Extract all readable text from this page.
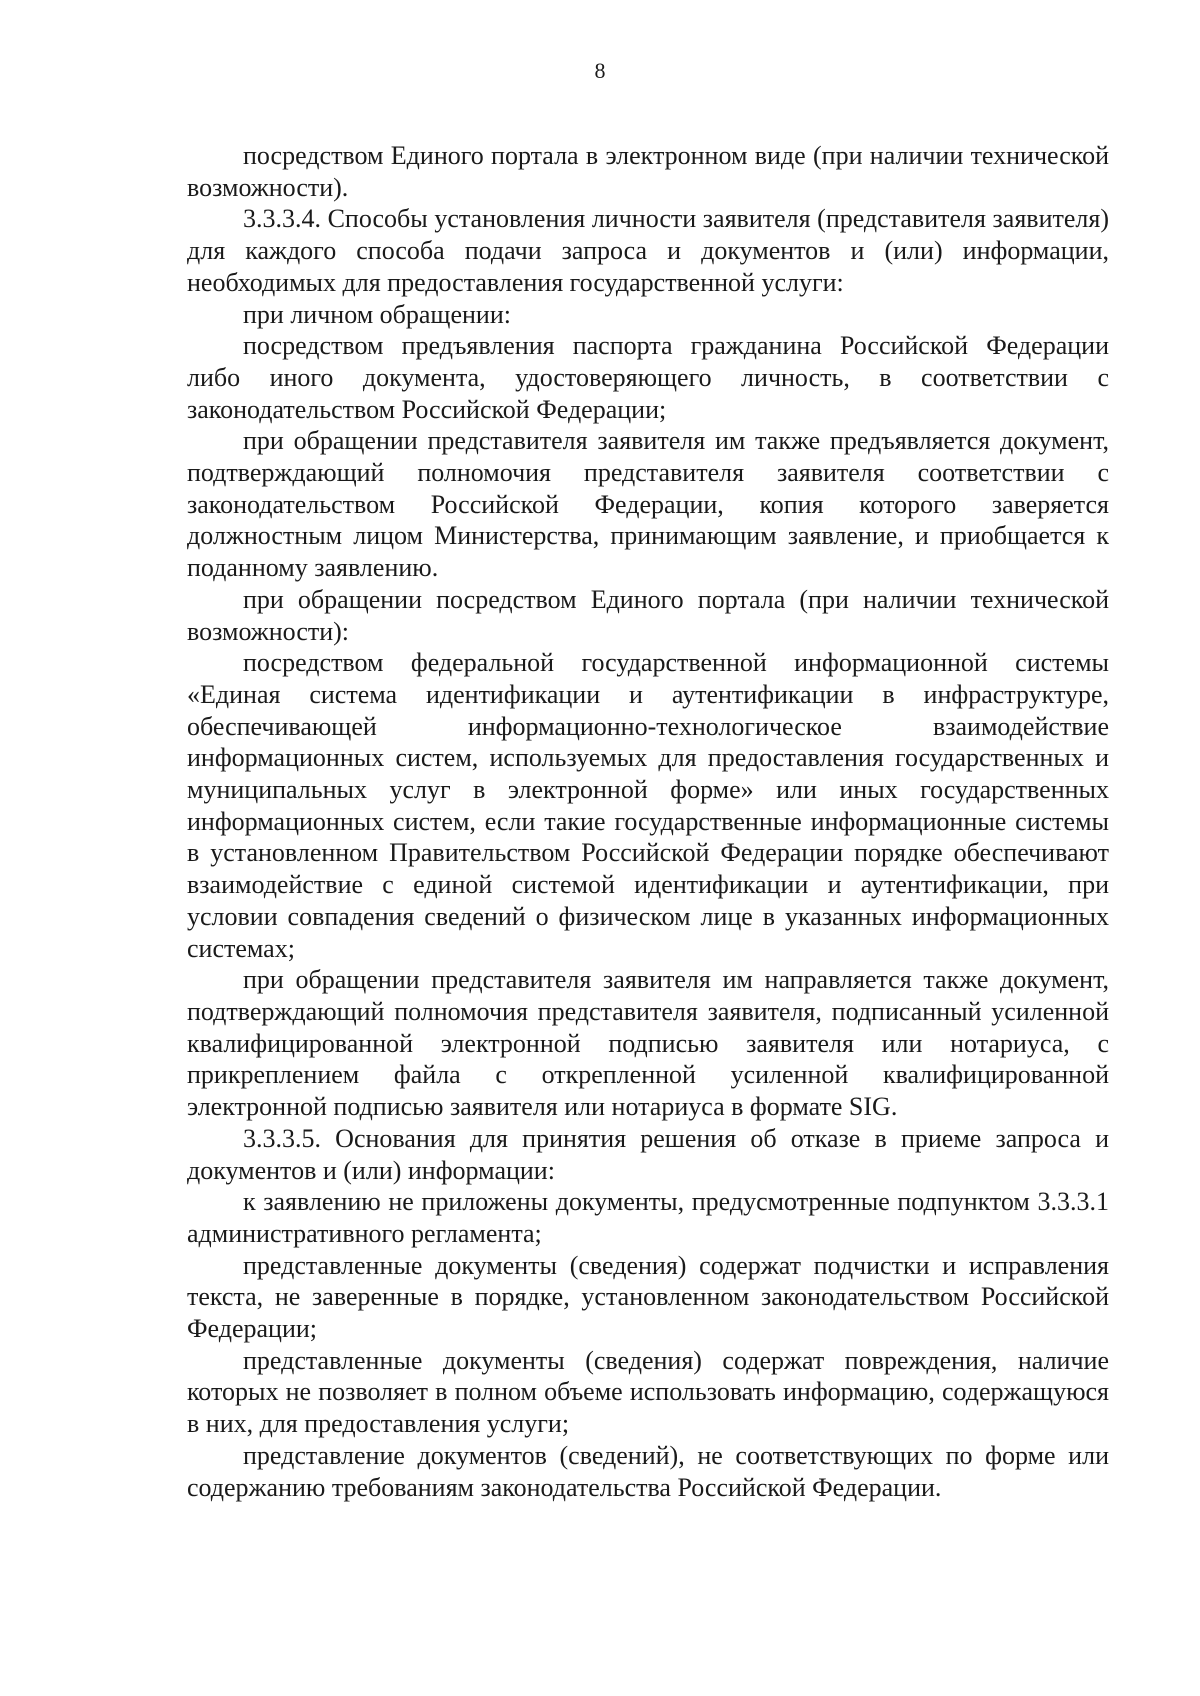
8

посредством Единого портала в электронном виде (при наличии технической возможности).

3.3.3.4. Способы установления личности заявителя (представителя заявителя) для каждого способа подачи запроса и документов и (или) информации, необходимых для предоставления государственной услуги:

при личном обращении:

посредством предъявления паспорта гражданина Российской Федерации либо иного документа, удостоверяющего личность, в соответствии с законодательством Российской Федерации;

при обращении представителя заявителя им также предъявляется документ, подтверждающий полномочия представителя заявителя соответствии с законодательством Российской Федерации, копия которого заверяется должностным лицом Министерства, принимающим заявление, и приобщается к поданному заявлению.

при обращении посредством Единого портала (при наличии технической возможности):

посредством федеральной государственной информационной системы «Единая система идентификации и аутентификации в инфраструктуре, обеспечивающей информационно-технологическое взаимодействие информационных систем, используемых для предоставления государственных и муниципальных услуг в электронной форме» или иных государственных информационных систем, если такие государственные информационные системы в установленном Правительством Российской Федерации порядке обеспечивают взаимодействие с единой системой идентификации и аутентификации, при условии совпадения сведений о физическом лице в указанных информационных системах;

при обращении представителя заявителя им направляется также документ, подтверждающий полномочия представителя заявителя, подписанный усиленной квалифицированной электронной подписью заявителя или нотариуса, с прикреплением файла с открепленной усиленной квалифицированной электронной подписью заявителя или нотариуса в формате SIG.

3.3.3.5. Основания для принятия решения об отказе в приеме запроса и документов и (или) информации:

к заявлению не приложены документы, предусмотренные подпунктом 3.3.3.1 административного регламента;

представленные документы (сведения) содержат подчистки и исправления текста, не заверенные в порядке, установленном законодательством Российской Федерации;

представленные документы (сведения) содержат повреждения, наличие которых не позволяет в полном объеме использовать информацию, содержащуюся в них, для предоставления услуги;

представление документов (сведений), не соответствующих по форме или содержанию требованиям законодательства Российской Федерации.
